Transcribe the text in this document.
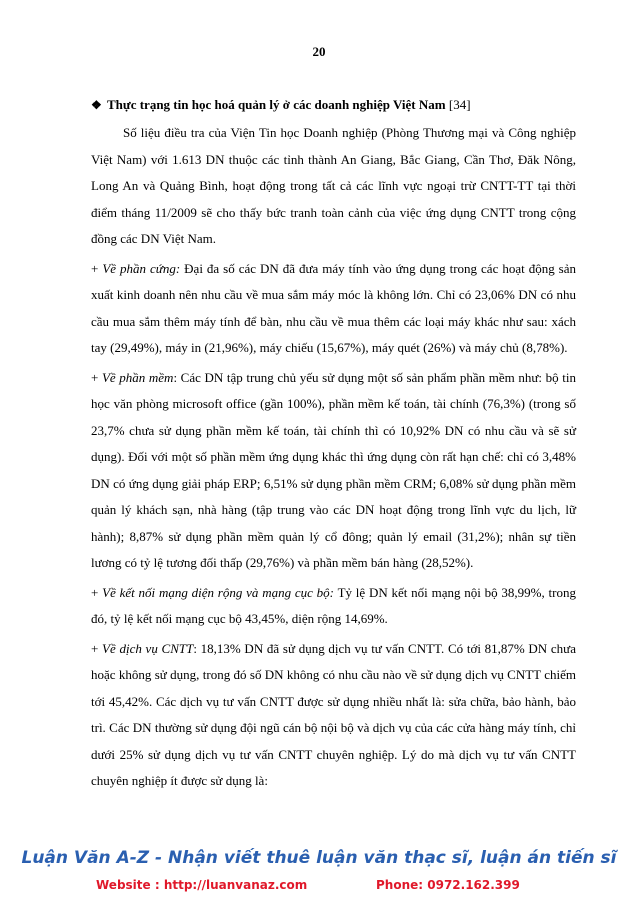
20
❖ Thực trạng tin học hoá quản lý ở các doanh nghiệp Việt Nam [34]

Số liệu điều tra của Viện Tin học Doanh nghiệp (Phòng Thương mại và Công nghiệp Việt Nam) với 1.613 DN thuộc các tỉnh thành An Giang, Bắc Giang, Cần Thơ, Đăk Nông, Long An và Quảng Bình, hoạt động trong tất cả các lĩnh vực ngoại trừ CNTT-TT tại thời điểm tháng 11/2009 sẽ cho thấy bức tranh toàn cảnh của việc ứng dụng CNTT trong cộng đồng các DN Việt Nam.

+ Về phần cứng: Đại đa số các DN đã đưa máy tính vào ứng dụng trong các hoạt động sản xuất kinh doanh nên nhu cầu về mua sắm máy móc là không lớn. Chỉ có 23,06% DN có nhu cầu mua sắm thêm máy tính để bàn, nhu cầu về mua thêm các loại máy khác như sau: xách tay (29,49%), máy in (21,96%), máy chiếu (15,67%), máy quét (26%) và máy chủ (8,78%).

+ Về phần mềm: Các DN tập trung chủ yếu sử dụng một số sản phẩm phần mềm như: bộ tin học văn phòng microsoft office (gần 100%), phần mềm kế toán, tài chính (76,3%) (trong số 23,7% chưa sử dụng phần mềm kế toán, tài chính thì có 10,92% DN có nhu cầu và sẽ sử dụng). Đối với một số phần mềm ứng dụng khác thì ứng dụng còn rất hạn chế: chỉ có 3,48% DN có ứng dụng giải pháp ERP; 6,51% sử dụng phần mềm CRM; 6,08% sử dụng phần mềm quản lý khách sạn, nhà hàng (tập trung vào các DN hoạt động trong lĩnh vực du lịch, lữ hành); 8,87% sử dụng phần mềm quản lý cổ đông; quản lý email (31,2%); nhân sự tiền lương có tỷ lệ tương đối thấp (29,76%) và phần mềm bán hàng (28,52%).

+ Về kết nối mạng diện rộng và mạng cục bộ: Tỷ lệ DN kết nối mạng nội bộ 38,99%, trong đó, tỷ lệ kết nối mạng cục bộ 43,45%, diện rộng 14,69%.

+ Về dịch vụ CNTT: 18,13% DN đã sử dụng dịch vụ tư vấn CNTT. Có tới 81,87% DN chưa hoặc không sử dụng, trong đó số DN không có nhu cầu nào về sử dụng dịch vụ CNTT chiếm tới 45,42%. Các dịch vụ tư vấn CNTT được sử dụng nhiều nhất là: sửa chữa, bảo hành, bảo trì. Các DN thường sử dụng đội ngũ cán bộ nội bộ và dịch vụ của các cửa hàng máy tính, chỉ dưới 25% sử dụng dịch vụ tư vấn CNTT chuyên nghiệp. Lý do mà dịch vụ tư vấn CNTT chuyên nghiệp ít được sử dụng là:

Luận Văn A-Z - Nhận viết thuê luận văn thạc sĩ, luận án tiến sĩ
Website : http://luanvanaz.com	Phone: 0972.162.399
